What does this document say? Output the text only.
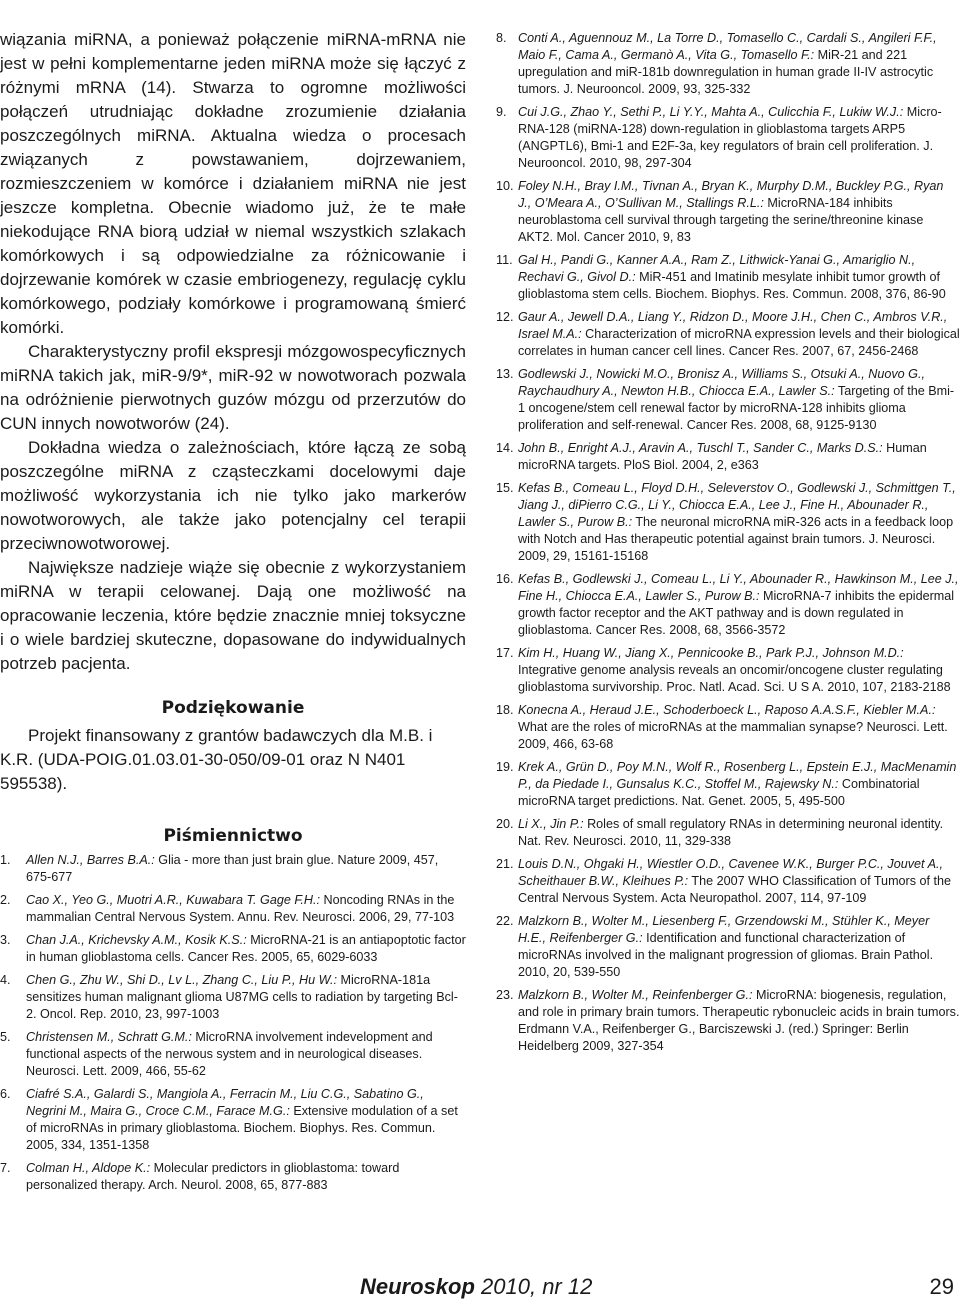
wiązania miRNA, a ponieważ połączenie miRNA-mRNA nie jest w pełni komplementarne jeden miRNA może się łączyć z różnymi mRNA (14). Stwarza to ogromne możliwości połączeń utrudniając dokładne zrozumienie działania poszczególnych miRNA. Aktualna wiedza o procesach związanych z powstawaniem, dojrzewaniem, rozmieszczeniem w komórce i działaniem miRNA nie jest jeszcze kompletna. Obecnie wiadomo już, że te małe niekodujące RNA biorą udział w niemal wszystkich szlakach komórkowych i są odpowiedzialne za różnicowanie i dojrzewanie komórek w czasie embriogenezy, regulację cyklu komórkowego, podziały komórkowe i programowaną śmierć komórki.

Charakterystyczny profil ekspresji mózgowospecyficznych miRNA takich jak, miR-9/9*, miR-92 w nowotworach pozwala na odróżnienie pierwotnych guzów mózgu od przerzutów do CUN innych nowotworów (24).

Dokładna wiedza o zależnościach, które łączą ze sobą poszczególne miRNA z cząsteczkami docelowymi daje możliwość wykorzystania ich nie tylko jako markerów nowotworowych, ale także jako potencjalny cel terapii przeciwnowotworowej.

Największe nadzieje wiąże się obecnie z wykorzystaniem miRNA w terapii celowanej. Dają one możliwość na opracowanie leczenia, które będzie znacznie mniej toksyczne i o wiele bardziej skuteczne, dopasowane do indywidualnych potrzeb pacjenta.

Podziękowanie

Projekt finansowany z grantów badawczych dla M.B. i K.R. (UDA-POIG.01.03.01-30-050/09-01 oraz N N401 595538).

Piśmiennictwo
1.	Allen N.J., Barres B.A.: Glia - more than just brain glue. Nature 2009, 457, 675-677
2.	Cao X., Yeo G., Muotri A.R., Kuwabara T. Gage F.H.: Noncoding RNAs in the mammalian Central Nervous System. Annu. Rev. Neurosci. 2006, 29, 77-103
3.	Chan J.A., Krichevsky A.M., Kosik K.S.: MicroRNA-21 is an antiapoptotic factor in human glioblastoma cells. Cancer Res. 2005, 65, 6029-6033
4.	Chen G., Zhu W., Shi D., Lv L., Zhang C., Liu P., Hu W.: MicroRNA-181a sensitizes human malignant glioma U87MG cells to radiation by targeting Bcl-2. Oncol. Rep. 2010, 23, 997-1003
5.	Christensen M., Schratt G.M.: MicroRNA involvement indevelopment and functional aspects of the nerwous system and in neurological diseases. Neurosci. Lett. 2009, 466, 55-62
6.	Ciafré S.A., Galardi S., Mangiola A., Ferracin M., Liu C.G., Sabatino G., Negrini M., Maira G., Croce C.M., Farace M.G.: Extensive modulation of a set of microRNAs in primary glioblastoma. Biochem. Biophys. Res. Commun. 2005, 334, 1351-1358
7.	Colman H., Aldope K.: Molecular predictors in glioblastoma: toward personalized therapy. Arch. Neurol. 2008, 65, 877-883
8. Conti A., Aguennouz M., La Torre D., Tomasello C., Cardali S., Angileri F.F., Maio F., Cama A., Germanò A., Vita G., Tomasello F.: MiR-21 and 221 upregulation and miR-181b downregulation in human grade II-IV astrocytic tumors. J. Neurooncol. 2009, 93, 325-332
9. Cui J.G., Zhao Y., Sethi P., Li Y.Y., Mahta A., Culicchia F., Lukiw W.J.: Micro-RNA-128 (miRNA-128) down-regulation in glioblastoma targets ARP5 (ANGPTL6), Bmi-1 and E2F-3a, key regulators of brain cell proliferation. J. Neurooncol. 2010, 98, 297-304
10. Foley N.H., Bray I.M., Tivnan A., Bryan K., Murphy D.M., Buckley P.G., Ryan J., O’Meara A., O’Sullivan M., Stallings R.L.: MicroRNA-184 inhibits neuroblastoma cell survival through targeting the serine/threonine kinase AKT2. Mol. Cancer 2010, 9, 83
11. Gal H., Pandi G., Kanner A.A., Ram Z., Lithwick-Yanai G., Amariglio N., Rechavi G., Givol D.: MiR-451 and Imatinib mesylate inhibit tumor growth of glioblastoma stem cells. Biochem. Biophys. Res. Commun. 2008, 376, 86-90
12. Gaur A., Jewell D.A., Liang Y., Ridzon D., Moore J.H., Chen C., Ambros V.R., Israel M.A.: Characterization of microRNA expression levels and their biological correlates in human cancer cell lines. Cancer Res. 2007, 67, 2456-2468
13. Godlewski J., Nowicki M.O., Bronisz A., Williams S., Otsuki A., Nuovo G., Raychaudhury A., Newton H.B., Chiocca E.A., Lawler S.: Targeting of the Bmi-1 oncogene/stem cell renewal factor by microRNA-128 inhibits glioma proliferation and self-renewal. Cancer Res. 2008, 68, 9125-9130
14. John B., Enright A.J., Aravin A., Tuschl T., Sander C., Marks D.S.: Human microRNA targets. PloS Biol. 2004, 2, e363
15. Kefas B., Comeau L., Floyd D.H., Seleverstov O., Godlewski J., Schmittgen T., Jiang J., diPierro C.G., Li Y., Chiocca E.A., Lee J., Fine H., Abounader R., Lawler S., Purow B.: The neuronal microRNA miR-326 acts in a feedback loop with Notch and Has therapeutic potential against brain tumors. J. Neurosci. 2009, 29, 15161-15168
16. Kefas B., Godlewski J., Comeau L., Li Y., Abounader R., Hawkinson M., Lee J., Fine H., Chiocca E.A., Lawler S., Purow B.: MicroRNA-7 inhibits the epidermal growth factor receptor and the AKT pathway and is down regulated in glioblastoma. Cancer Res. 2008, 68, 3566-3572
17. Kim H., Huang W., Jiang X., Pennicooke B., Park P.J., Johnson M.D.: Integrative genome analysis reveals an oncomir/oncogene cluster regulating glioblastoma survivorship. Proc. Natl. Acad. Sci. U S A. 2010, 107, 2183-2188
18. Konecna A., Heraud J.E., Schoderboeck L., Raposo A.A.S.F., Kiebler M.A.: What are the roles of microRNAs at the mammalian synapse? Neurosci. Lett. 2009, 466, 63-68
19. Krek A., Grün D., Poy M.N., Wolf R., Rosenberg L., Epstein E.J., MacMenamin P., da Piedade I., Gunsalus K.C., Stoffel M., Rajewsky N.: Combinatorial microRNA target predictions. Nat. Genet. 2005, 5, 495-500
20. Li X., Jin P.: Roles of small regulatory RNAs in determining neuronal identity. Nat. Rev. Neurosci. 2010, 11, 329-338
21. Louis D.N., Ohgaki H., Wiestler O.D., Cavenee W.K., Burger P.C., Jouvet A., Scheithauer B.W., Kleihues P.: The 2007 WHO Classification of Tumors of the Central Nervous System. Acta Neuropathol. 2007, 114, 97-109
22. Malzkorn B., Wolter M., Liesenberg F., Grzendowski M., Stühler K., Meyer H.E., Reifenberger G.: Identification and functional characterization of microRNAs involved in the malignant progression of gliomas. Brain Pathol. 2010, 20, 539-550
23. Malzkorn B., Wolter M., Reinfenberger G.: MicroRNA: biogenesis, regulation, and role in primary brain tumors. Therapeutic rybonucleic acids in brain tumors. Erdmann V.A., Reifenberger G., Barciszewski J. (red.) Springer: Berlin Heidelberg 2009, 327-354
Neuroskop 2010, nr 12	29
